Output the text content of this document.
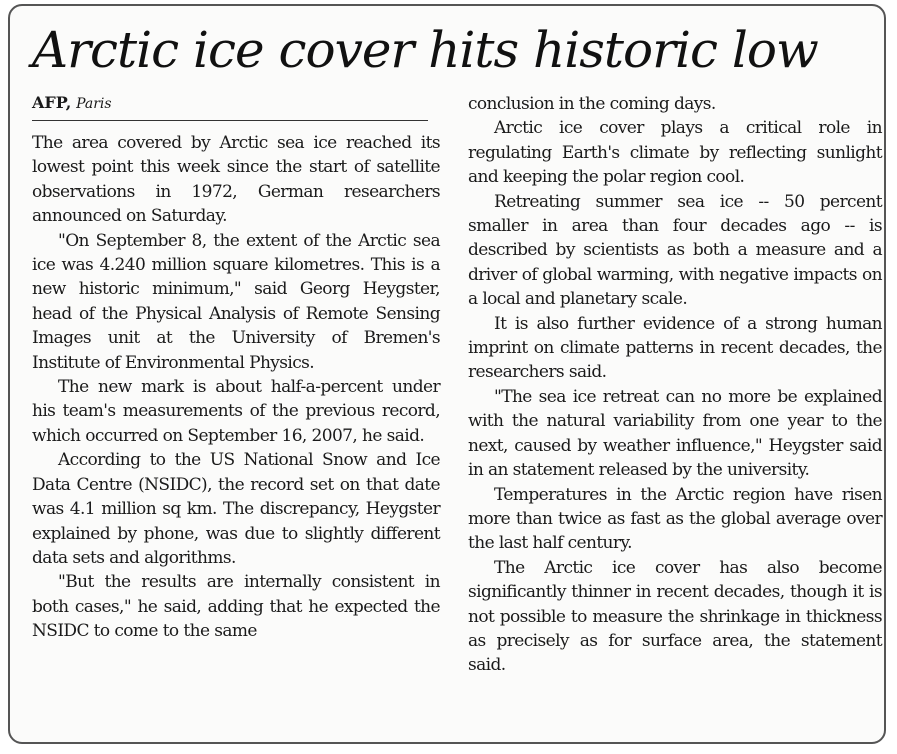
Arctic ice cover hits historic low
AFP, Paris

The area covered by Arctic sea ice reached its lowest point this week since the start of satellite observations in 1972, German researchers announced on Saturday.

"On September 8, the extent of the Arctic sea ice was 4.240 million square kilometres. This is a new historic minimum," said Georg Heygster, head of the Physical Analysis of Remote Sensing Images unit at the University of Bremen's Institute of Environmental Physics.

The new mark is about half-a-percent under his team's measurements of the previous record, which occurred on September 16, 2007, he said.

According to the US National Snow and Ice Data Centre (NSIDC), the record set on that date was 4.1 million sq km. The discrepancy, Heygster explained by phone, was due to slightly different data sets and algorithms.

"But the results are internally consistent in both cases," he said, adding that he expected the NSIDC to come to the same

conclusion in the coming days.

Arctic ice cover plays a critical role in regulating Earth's climate by reflecting sunlight and keeping the polar region cool.

Retreating summer sea ice -- 50 percent smaller in area than four decades ago -- is described by scientists as both a measure and a driver of global warming, with negative impacts on a local and planetary scale.

It is also further evidence of a strong human imprint on climate patterns in recent decades, the researchers said.

"The sea ice retreat can no more be explained with the natural variability from one year to the next, caused by weather influence," Heygster said in an statement released by the university.

Temperatures in the Arctic region have risen more than twice as fast as the global average over the last half century.

The Arctic ice cover has also become significantly thinner in recent decades, though it is not possible to measure the shrinkage in thickness as precisely as for surface area, the statement said.
